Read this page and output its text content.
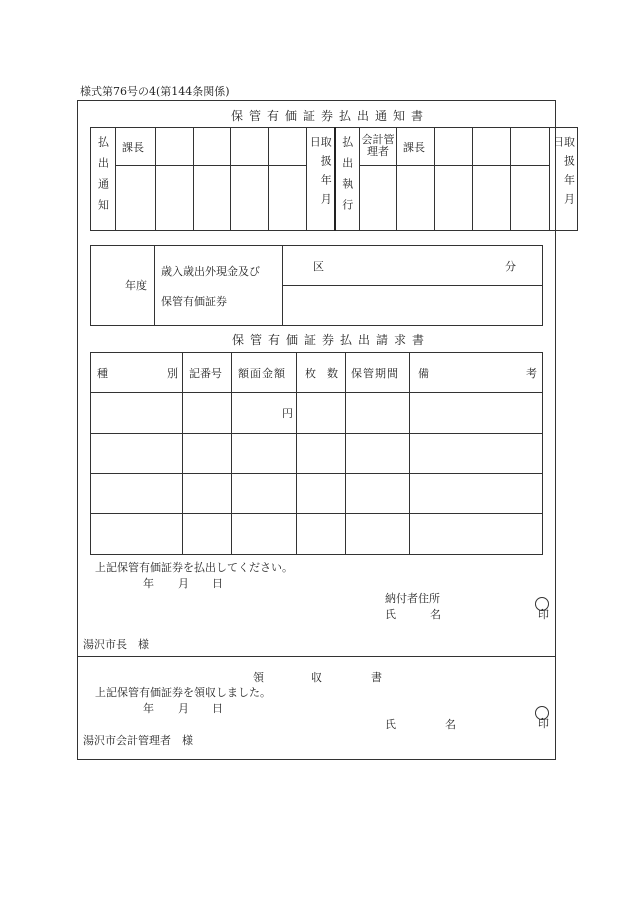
様式第76号の4(第144条関係)
保管有価証券払出通知書
払出通知	課長					取扱年月日	払出執行	会計管理者	課長				取扱年月日

年度

歳入歳出外現金及び
保管有価証券

区	分

保管有価証券払出請求書
種 別	記番号	額面金額	枚 数	保管期間	備 考

		円			

上記保管有価証券を払出してください。
年 月 日
納付者住所
氏	名	印
湯沢市長　様
領	収	書
上記保管有価証券を領収しました。
年 月 日
氏	名	印
湯沢市会計管理者　様
